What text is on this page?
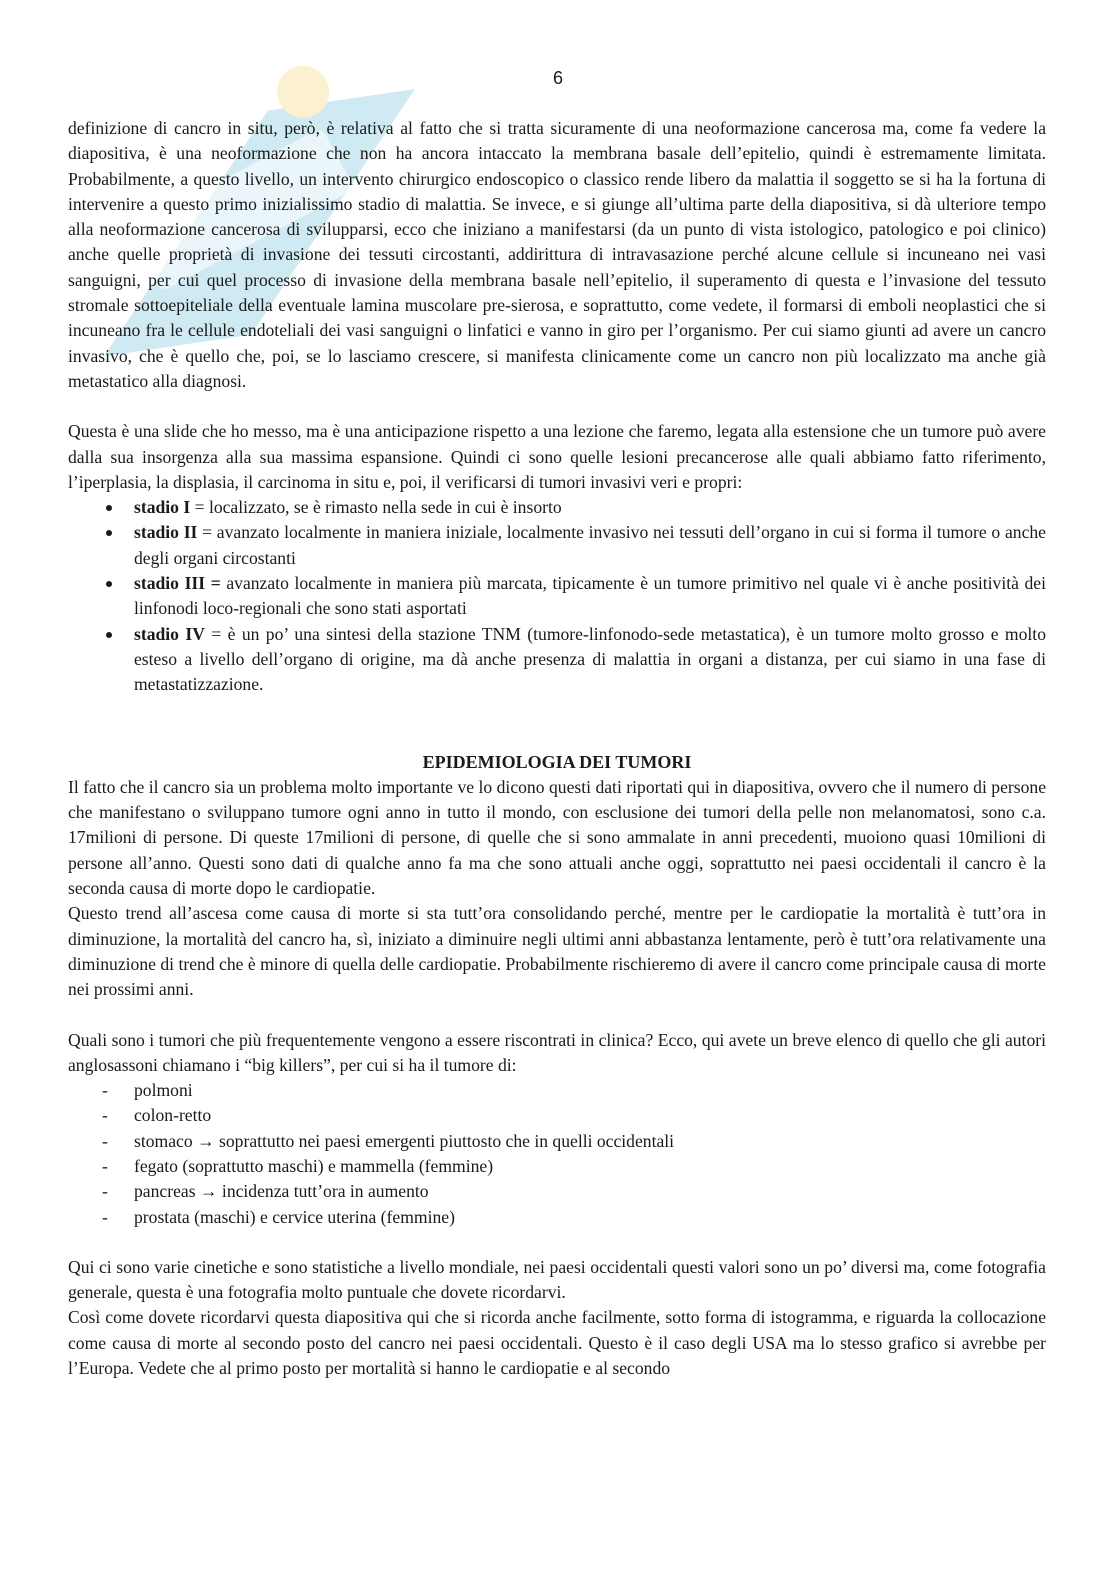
6

definizione di cancro in situ, però, è relativa al fatto che si tratta sicuramente di una neoformazione cancerosa ma, come fa vedere la diapositiva, è una neoformazione che non ha ancora intaccato la membrana basale dell’epitelio, quindi è estremamente limitata. Probabilmente, a questo livello, un intervento chirurgico endoscopico o classico rende libero da malattia il soggetto se si ha la fortuna di intervenire a questo primo inizialissimo stadio di malattia. Se invece, e si giunge all’ultima parte della diapositiva, si dà ulteriore tempo alla neoformazione cancerosa di svilupparsi, ecco che iniziano a manifestarsi (da un punto di vista istologico, patologico e poi clinico) anche quelle proprietà di invasione dei tessuti circostanti, addirittura di intravasazione perché alcune cellule si incuneano nei vasi sanguigni, per cui quel processo di invasione della membrana basale nell’epitelio, il superamento di questa e l’invasione del tessuto stromale sottoepiteliale della eventuale lamina muscolare pre-sierosa, e soprattutto, come vedete, il formarsi di emboli neoplastici che si incuneano fra le cellule endoteliali dei vasi sanguigni o linfatici e vanno in giro per l’organismo. Per cui siamo giunti ad avere un cancro invasivo, che è quello che, poi, se lo lasciamo crescere, si manifesta clinicamente come un cancro non più localizzato ma anche già metastatico alla diagnosi.

Questa è una slide che ho messo, ma è una anticipazione rispetto a una lezione che faremo, legata alla estensione che un tumore può avere dalla sua insorgenza alla sua massima espansione. Quindi ci sono quelle lesioni precancerose alle quali abbiamo fatto riferimento, l’iperplasia, la displasia, il carcinoma in situ e, poi, il verificarsi di tumori invasivi veri e propri:

stadio I = localizzato, se è rimasto nella sede in cui è insorto
stadio II = avanzato localmente in maniera iniziale, localmente invasivo nei tessuti dell’organo in cui si forma il tumore o anche degli organi circostanti
stadio III = avanzato localmente in maniera più marcata, tipicamente è un tumore primitivo nel quale vi è anche positività dei linfonodi loco-regionali che sono stati asportati
stadio IV = è un po’ una sintesi della stazione TNM (tumore-linfonodo-sede metastatica), è un tumore molto grosso e molto esteso a livello dell’organo di origine, ma dà anche presenza di malattia in organi a distanza, per cui siamo in una fase di metastatizzazione.

EPIDEMIOLOGIA DEI TUMORI

Il fatto che il cancro sia un problema molto importante ve lo dicono questi dati riportati qui in diapositiva, ovvero che il numero di persone che manifestano o sviluppano tumore ogni anno in tutto il mondo, con esclusione dei tumori della pelle non melanomatosi, sono c.a. 17milioni di persone. Di queste 17milioni di persone, di quelle che si sono ammalate in anni precedenti, muoiono quasi 10milioni di persone all’anno. Questi sono dati di qualche anno fa ma che sono attuali anche oggi, soprattutto nei paesi occidentali il cancro è la seconda causa di morte dopo le cardiopatie.

Questo trend all’ascesa come causa di morte si sta tutt’ora consolidando perché, mentre per le cardiopatie la mortalità è tutt’ora in diminuzione, la mortalità del cancro ha, sì, iniziato a diminuire negli ultimi anni abbastanza lentamente, però è tutt’ora relativamente una diminuzione di trend che è minore di quella delle cardiopatie. Probabilmente rischieremo di avere il cancro come principale causa di morte nei prossimi anni.

Quali sono i tumori che più frequentemente vengono a essere riscontrati in clinica? Ecco, qui avete un breve elenco di quello che gli autori anglosassoni chiamano i “big killers”, per cui si ha il tumore di:

- polmoni
- colon-retto
- stomaco → soprattutto nei paesi emergenti piuttosto che in quelli occidentali
- fegato (soprattutto maschi) e mammella (femmine)
- pancreas → incidenza tutt’ora in aumento
- prostata (maschi) e cervice uterina (femmine)

Qui ci sono varie cinetiche e sono statistiche a livello mondiale, nei paesi occidentali questi valori sono un po’ diversi ma, come fotografia generale, questa è una fotografia molto puntuale che dovete ricordarvi.

Così come dovete ricordarvi questa diapositiva qui che si ricorda anche facilmente, sotto forma di istogramma, e riguarda la collocazione come causa di morte al secondo posto del cancro nei paesi occidentali. Questo è il caso degli USA ma lo stesso grafico si avrebbe per l’Europa. Vedete che al primo posto per mortalità si hanno le cardiopatie e al secondo
